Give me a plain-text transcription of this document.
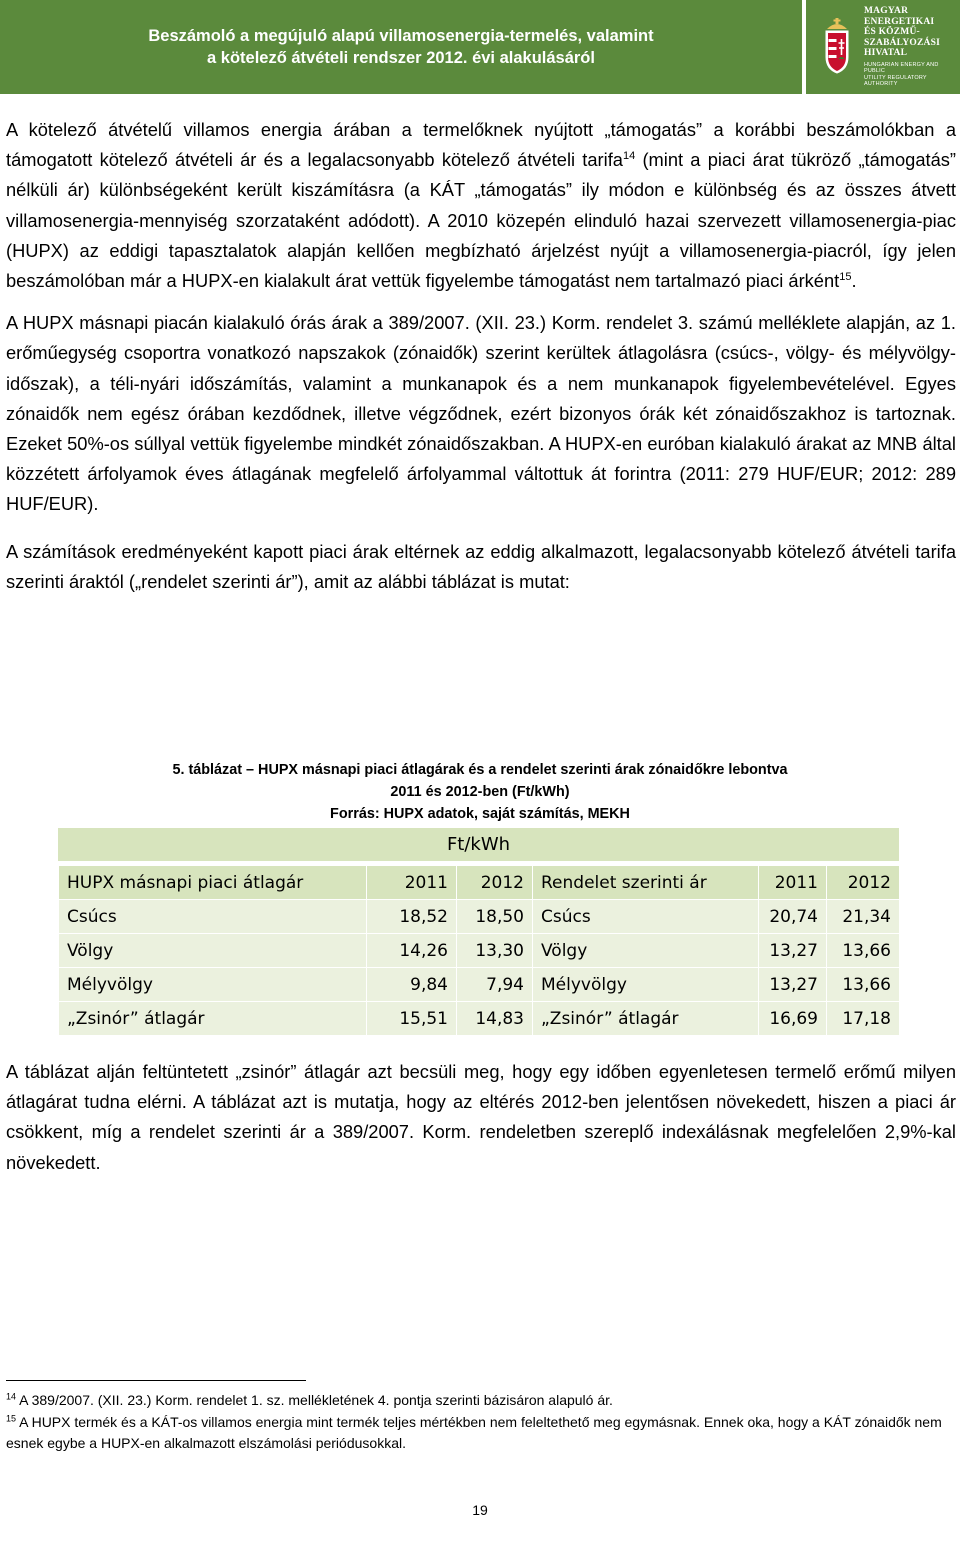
Beszámoló a megújuló alapú villamosenergia-termelés, valamint
a kötelező átvételi rendszer 2012. évi alakulásáról
MAGYAR
ENERGETIKAI
ÉS KÖZMŰ-
SZABÁLYOZÁSI
HIVATAL
HUNGARIAN ENERGY AND PUBLIC
UTILITY REGULATORY AUTHORITY

A kötelező átvételű villamos energia árában a termelőknek nyújtott „támogatás” a korábbi beszámolókban a támogatott kötelező átvételi ár és a legalacsonyabb kötelező átvételi tarifa$^{14}$ (mint a piaci árat tükröző „támogatás” nélküli ár) különbségeként került kiszámításra (a KÁT „támogatás” ily módon e különbség és az összes átvett villamosenergia-mennyiség szorzataként adódott). A 2010 közepén elinduló hazai szervezett villamosenergia-piac (HUPX) az eddigi tapasztalatok alapján kellően megbízható árjelzést nyújt a villamosenergia-piacról, így jelen beszámolóban már a HUPX-en kialakult árat vettük figyelembe támogatást nem tartalmazó piaci árként$^{15}$.

A HUPX másnapi piacán kialakuló órás árak a 389/2007. (XII. 23.) Korm. rendelet 3. számú melléklete alapján, az 1. erőműegység csoportra vonatkozó napszakok (zónaidők) szerint kerültek átlagolásra (csúcs-, völgy- és mélyvölgy-időszak), a téli-nyári időszámítás, valamint a munkanapok és a nem munkanapok figyelembevételével. Egyes zónaidők nem egész órában kezdődnek, illetve végződnek, ezért bizonyos órák két zónaidőszakhoz is tartoznak. Ezeket 50%-os súllyal vettük figyelembe mindkét zónaidőszakban. A HUPX-en euróban kialakuló árakat az MNB által közzétett árfolyamok éves átlagának megfelelő árfolyammal váltottuk át forintra (2011: 279 HUF/EUR; 2012: 289 HUF/EUR).

A számítások eredményeként kapott piaci árak eltérnek az eddig alkalmazott, legalacsonyabb kötelező átvételi tarifa szerinti áraktól („rendelet szerinti ár”), amit az alábbi táblázat is mutat:

5. táblázat – HUPX másnapi piaci átlagárak és a rendelet szerinti árak zónaidőkre lebontva
2011 és 2012-ben (Ft/kWh)
Forrás: HUPX adatok, saját számítás, MEKH
Ft/kWh
HUPX másnapi piaci átlagár	2011	2012	Rendelet szerinti ár	2011	2012
Csúcs	18,52	18,50	Csúcs	20,74	21,34
Völgy	14,26	13,30	Völgy	13,27	13,66
Mélyvölgy	9,84	7,94	Mélyvölgy	13,27	13,66
„Zsinór” átlagár	15,51	14,83	„Zsinór” átlagár	16,69	17,18

A táblázat alján feltüntetett „zsinór” átlagár azt becsüli meg, hogy egy időben egyenletesen termelő erőmű milyen átlagárat tudna elérni. A táblázat azt is mutatja, hogy az eltérés 2012-ben jelentősen növekedett, hiszen a piaci ár csökkent, míg a rendelet szerinti ár a 389/2007. Korm. rendeletben szereplő indexálásnak megfelelően 2,9%-kal növekedett.

$^{14}$ A 389/2007. (XII. 23.) Korm. rendelet 1. sz. mellékletének 4. pontja szerinti bázisáron alapuló ár.

$^{15}$ A HUPX termék és a KÁT-os villamos energia mint termék teljes mértékben nem feleltethető meg egymásnak. Ennek oka, hogy a KÁT zónaidők nem esnek egybe a HUPX-en alkalmazott elszámolási periódusokkal.

19
